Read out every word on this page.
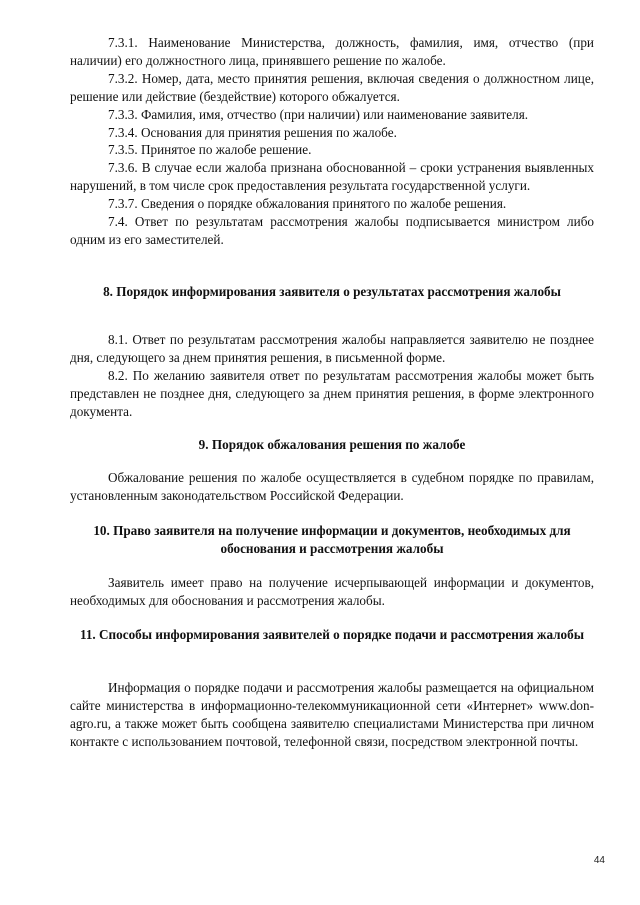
7.3.1. Наименование Министерства, должность, фамилия, имя, отчество (при наличии) его должностного лица, принявшего решение по жалобе.

7.3.2. Номер, дата, место принятия решения, включая сведения о должностном лице, решение или действие (бездействие) которого обжалуется.

7.3.3. Фамилия, имя, отчество (при наличии) или наименование заявителя.

7.3.4. Основания для принятия решения по жалобе.

7.3.5. Принятое по жалобе решение.

7.3.6. В случае если жалоба признана обоснованной – сроки устранения выявленных нарушений, в том числе срок предоставления результата государственной услуги.

7.3.7. Сведения о порядке обжалования принятого по жалобе решения.

7.4. Ответ по результатам рассмотрения жалобы подписывается министром либо одним из его заместителей.

8. Порядок информирования заявителя о результатах рассмотрения жалобы

8.1. Ответ по результатам рассмотрения жалобы направляется заявителю не позднее дня, следующего за днем принятия решения, в письменной форме.

8.2. По желанию заявителя ответ по результатам рассмотрения жалобы может быть представлен не позднее дня, следующего за днем принятия решения, в форме электронного документа.

9. Порядок обжалования решения по жалобе

Обжалование решения по жалобе осуществляется в судебном порядке по правилам, установленным законодательством Российской Федерации.

10. Право заявителя на получение информации и документов, необходимых для обоснования и рассмотрения жалобы

Заявитель имеет право на получение исчерпывающей информации и документов, необходимых для обоснования и рассмотрения жалобы.

11. Способы информирования заявителей о порядке подачи и рассмотрения жалобы

Информация о порядке подачи и рассмотрения жалобы размещается на официальном сайте министерства в информационно-телекоммуникационной сети «Интернет» www.don-agro.ru, а также может быть сообщена заявителю специалистами Министерства при личном контакте с использованием почтовой, телефонной связи, посредством электронной почты.

44
